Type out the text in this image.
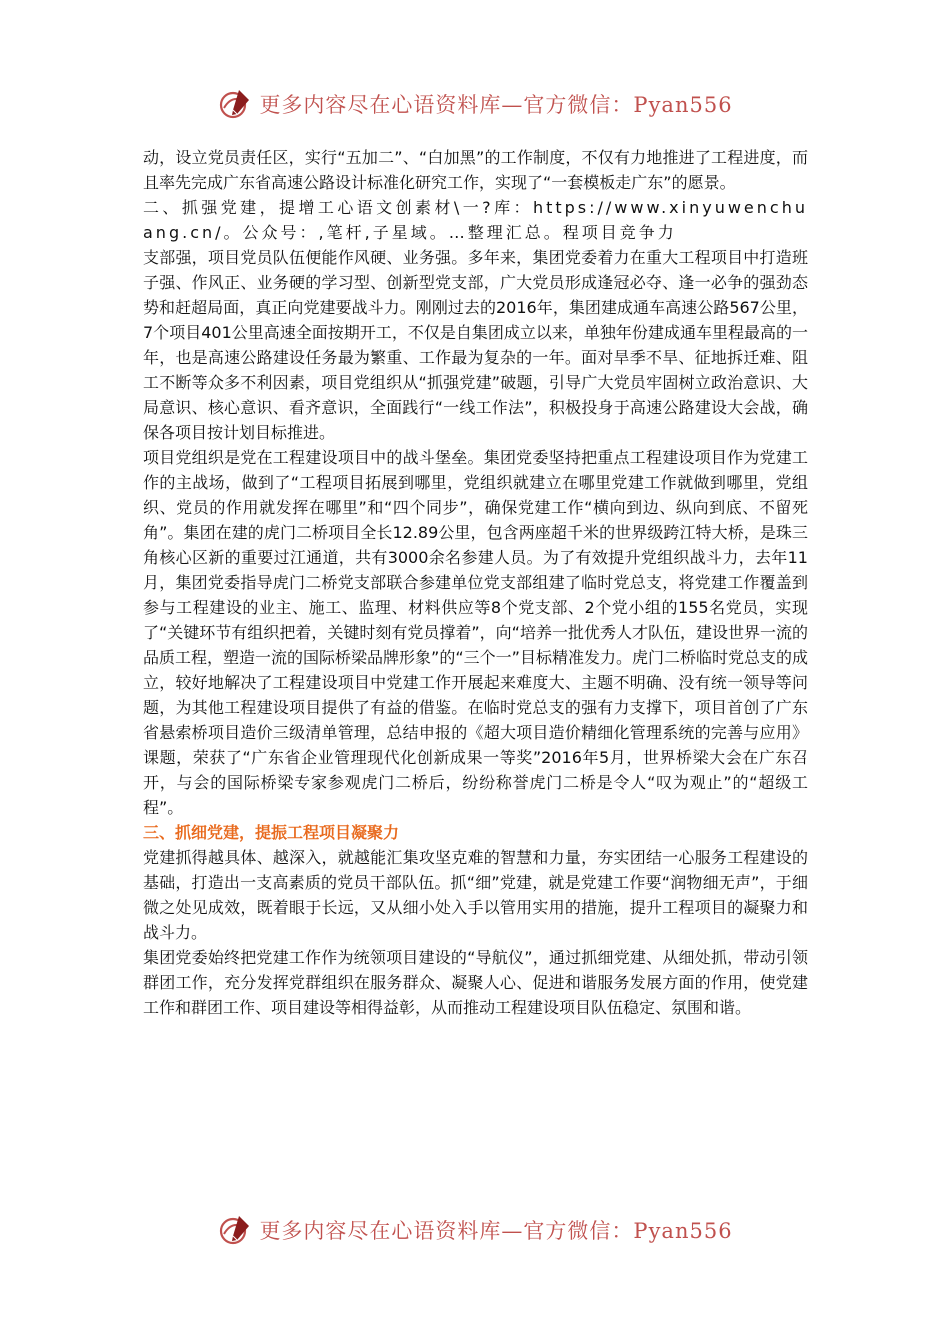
更多内容尽在心语资料库—官方微信：Pyan556

动，设立党员责任区，实行“五加二”、“白加黑”的工作制度，不仅有力地推进了工程进度，而且率先完成广东省高速公路设计标准化研究工作，实现了“一套模板走广东”的愿景。

二、抓强党建，提增工心语文创素材\一?库：https://www.xinyuwenchuang.cn/。公众号：,笔杆,子星域。…整理汇总。程项目竞争力

支部强，项目党员队伍便能作风硬、业务强。多年来，集团党委着力在重大工程项目中打造班子强、作风正、业务硬的学习型、创新型党支部，广大党员形成逢冠必夺、逢一必争的强劲态势和赶超局面，真正向党建要战斗力。刚刚过去的2016年，集团建成通车高速公路567公里，7个项目401公里高速全面按期开工，不仅是自集团成立以来，单独年份建成通车里程最高的一年，也是高速公路建设任务最为繁重、工作最为复杂的一年。面对旱季不旱、征地拆迁难、阻工不断等众多不利因素，项目党组织从“抓强党建”破题，引导广大党员牢固树立政治意识、大局意识、核心意识、看齐意识，全面践行“一线工作法”，积极投身于高速公路建设大会战，确保各项目按计划目标推进。

项目党组织是党在工程建设项目中的战斗堡垒。集团党委坚持把重点工程建设项目作为党建工作的主战场，做到了“工程项目拓展到哪里，党组织就建立在哪里党建工作就做到哪里，党组织、党员的作用就发挥在哪里”和“四个同步”，确保党建工作“横向到边、纵向到底、不留死角”。集团在建的虎门二桥项目全长12.89公里，包含两座超千米的世界级跨江特大桥，是珠三角核心区新的重要过江通道，共有3000余名参建人员。为了有效提升党组织战斗力，去年11月，集团党委指导虎门二桥党支部联合参建单位党支部组建了临时党总支，将党建工作覆盖到参与工程建设的业主、施工、监理、材料供应等8个党支部、2个党小组的155名党员，实现了“关键环节有组织把着，关键时刻有党员撑着”，向“培养一批优秀人才队伍，建设世界一流的品质工程，塑造一流的国际桥梁品牌形象”的“三个一”目标精准发力。虎门二桥临时党总支的成立，较好地解决了工程建设项目中党建工作开展起来难度大、主题不明确、没有统一领导等问题，为其他工程建设项目提供了有益的借鉴。在临时党总支的强有力支撑下，项目首创了广东省悬索桥项目造价三级清单管理，总结申报的《超大项目造价精细化管理系统的完善与应用》课题，荣获了“广东省企业管理现代化创新成果一等奖”2016年5月，世界桥梁大会在广东召开，与会的国际桥梁专家参观虎门二桥后，纷纷称誉虎门二桥是令人“叹为观止”的“超级工程”。

三、抓细党建，提振工程项目凝聚力

党建抓得越具体、越深入，就越能汇集攻坚克难的智慧和力量，夯实团结一心服务工程建设的基础，打造出一支高素质的党员干部队伍。抓“细”党建，就是党建工作要“润物细无声”，于细微之处见成效，既着眼于长远，又从细小处入手以管用实用的措施，提升工程项目的凝聚力和战斗力。

集团党委始终把党建工作作为统领项目建设的“导航仪”，通过抓细党建、从细处抓，带动引领群团工作，充分发挥党群组织在服务群众、凝聚人心、促进和谐服务发展方面的作用，使党建工作和群团工作、项目建设等相得益彰，从而推动工程建设项目队伍稳定、氛围和谐。

更多内容尽在心语资料库—官方微信：Pyan556
